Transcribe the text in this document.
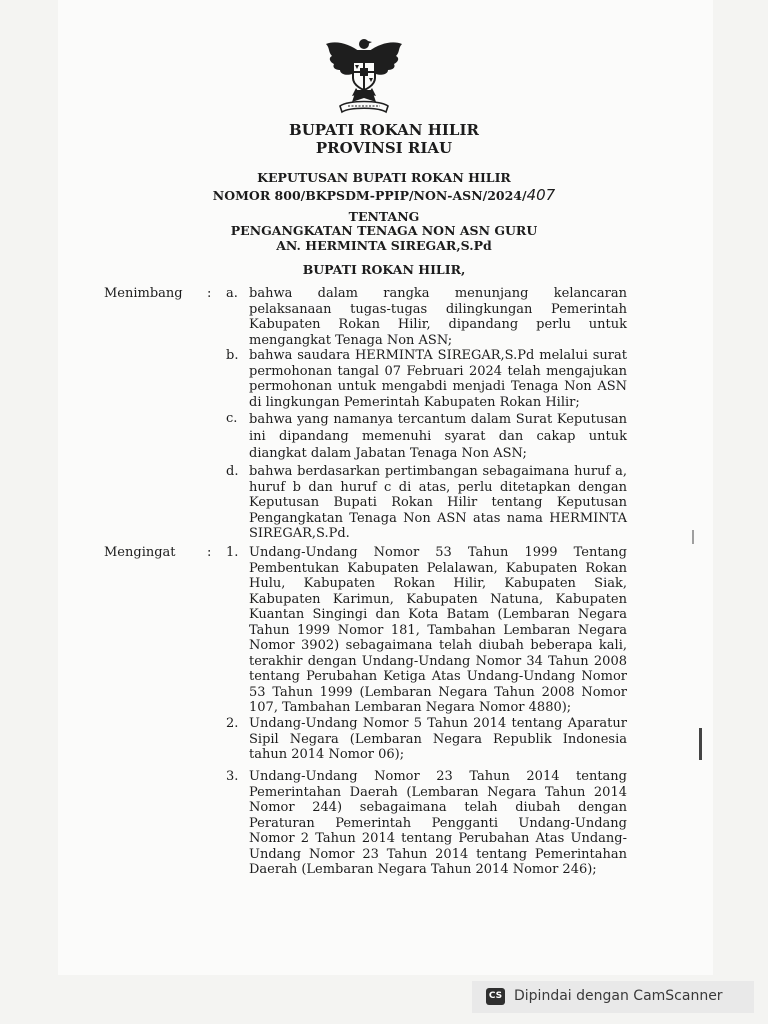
BUPATI ROKAN HILIR

PROVINSI RIAU

KEPUTUSAN BUPATI ROKAN HILIR

NOMOR 800/BKPSDM-PPIP/NON-ASN/2024/407

TENTANG

PENGANGKATAN TENAGA NON ASN GURU

AN. HERMINTA SIREGAR,S.Pd

BUPATI ROKAN HILIR,

Menimbang : a. bahwa dalam rangka menunjang kelancaran pelaksanaan tugas-tugas dilingkungan Pemerintah Kabupaten Rokan Hilir, dipandang perlu untuk mengangkat Tenaga Non ASN;

b. bahwa saudara HERMINTA SIREGAR,S.Pd melalui surat permohonan tangal 07 Februari 2024 telah mengajukan permohonan untuk mengabdi menjadi Tenaga Non ASN di lingkungan Pemerintah Kabupaten Rokan Hilir;

c. bahwa yang namanya tercantum dalam Surat Keputusan ini dipandang memenuhi syarat dan cakap untuk diangkat dalam Jabatan Tenaga Non ASN;

d. bahwa berdasarkan pertimbangan sebagaimana huruf a, huruf b dan huruf c di atas, perlu ditetapkan dengan Keputusan Bupati Rokan Hilir tentang Keputusan Pengangkatan Tenaga Non ASN atas nama HERMINTA SIREGAR,S.Pd.

Mengingat : 1. Undang-Undang Nomor 53 Tahun 1999 Tentang Pembentukan Kabupaten Pelalawan, Kabupaten Rokan Hulu, Kabupaten Rokan Hilir, Kabupaten Siak, Kabupaten Karimun, Kabupaten Natuna, Kabupaten Kuantan Singingi dan Kota Batam (Lembaran Negara Tahun 1999 Nomor 181, Tambahan Lembaran Negara Nomor 3902) sebagaimana telah diubah beberapa kali, terakhir dengan Undang-Undang Nomor 34 Tahun 2008 tentang Perubahan Ketiga Atas Undang-Undang Nomor 53 Tahun 1999 (Lembaran Negara Tahun 2008 Nomor 107, Tambahan Lembaran Negara Nomor 4880);

2. Undang-Undang Nomor 5 Tahun 2014 tentang Aparatur Sipil Negara (Lembaran Negara Republik Indonesia tahun 2014 Nomor 06);

3. Undang-Undang Nomor 23 Tahun 2014 tentang Pemerintahan Daerah (Lembaran Negara Tahun 2014 Nomor 244) sebagaimana telah diubah dengan Peraturan Pemerintah Pengganti Undang-Undang Nomor 2 Tahun 2014 tentang Perubahan Atas Undang-Undang Nomor 23 Tahun 2014 tentang Pemerintahan Daerah (Lembaran Negara Tahun 2014 Nomor 246);

CS Dipindai dengan CamScanner
